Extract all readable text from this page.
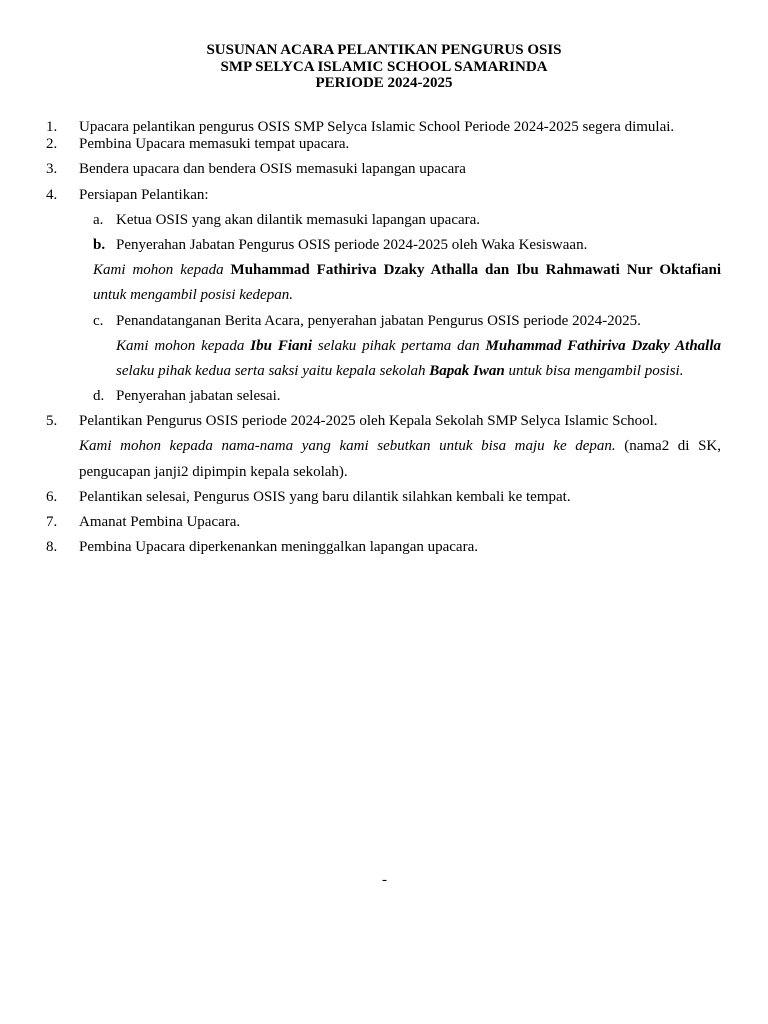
SUSUNAN ACARA PELANTIKAN PENGURUS OSIS
SMP SELYCA ISLAMIC SCHOOL SAMARINDA
PERIODE 2024-2025
1. Upacara pelantikan pengurus OSIS SMP Selyca Islamic School Periode 2024-2025 segera dimulai.
2. Pembina Upacara memasuki tempat upacara.
3. Bendera upacara dan bendera OSIS memasuki lapangan upacara
4. Persiapan Pelantikan:
a. Ketua OSIS yang akan dilantik memasuki lapangan upacara.
b. Penyerahan Jabatan Pengurus OSIS periode 2024-2025 oleh Waka Kesiswaan.
Kami mohon kepada Muhammad Fathiriva Dzaky Athalla dan Ibu Rahmawati Nur Oktafiani
untuk mengambil posisi kedepan.
c. Penandatanganan Berita Acara, penyerahan jabatan Pengurus OSIS periode 2024-2025.
Kami mohon kepada Ibu Fiani selaku pihak pertama dan Muhammad Fathiriva Dzaky Athalla
selaku pihak kedua serta saksi yaitu kepala sekolah Bapak Iwan untuk bisa mengambil posisi.
d. Penyerahan jabatan selesai.
5. Pelantikan Pengurus OSIS periode 2024-2025 oleh Kepala Sekolah SMP Selyca Islamic School.
Kami mohon kepada nama-nama yang kami sebutkan untuk bisa maju ke depan. (nama2 di SK,
pengucapan janji2 dipimpin kepala sekolah).
6. Pelantikan selesai, Pengurus OSIS yang baru dilantik silahkan kembali ke tempat.
7. Amanat Pembina Upacara.
8. Pembina Upacara diperkenankan meninggalkan lapangan upacara.
-
